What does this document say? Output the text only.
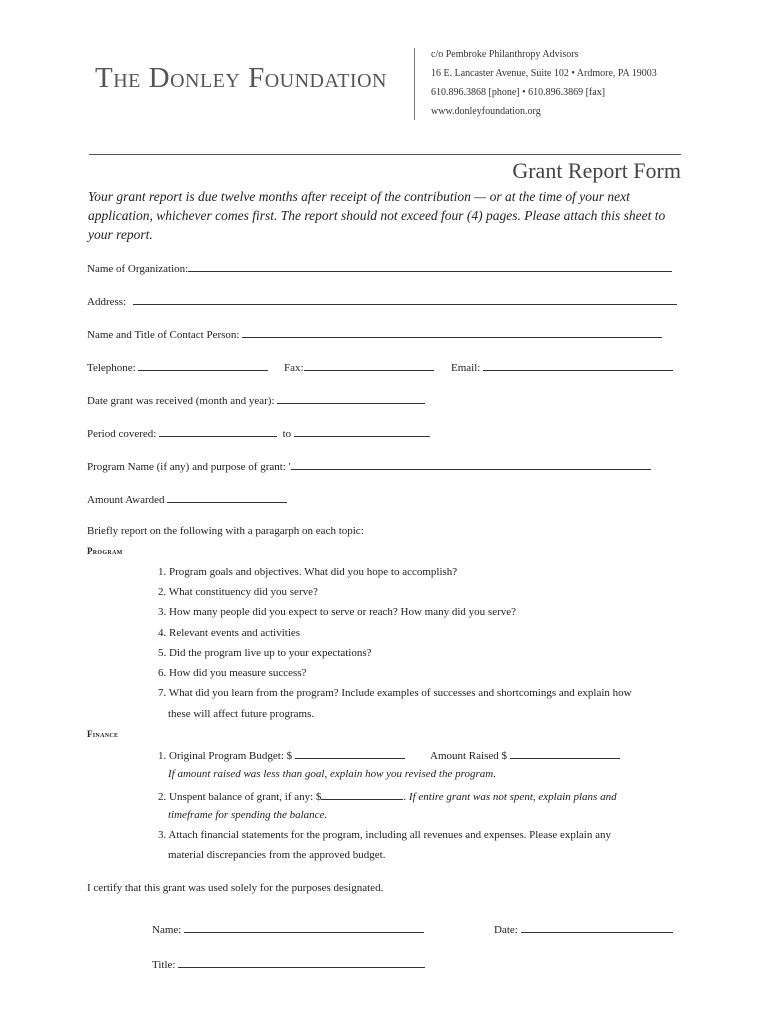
The Donley Foundation
c/o Pembroke Philanthropy Advisors
16 E. Lancaster Avenue, Suite 102 • Ardmore, PA 19003
610.896.3868 [phone] • 610.896.3869 [fax]
www.donleyfoundation.org
Grant Report Form
Your grant report is due twelve months after receipt of the contribution — or at the time of your next application, whichever comes first. The report should not exceed four (4) pages. Please attach this sheet to your report.
Name of Organization:
Address:
Name and Title of Contact Person:
Telephone:	Fax:	Email:
Date grant was received (month and year):
Period covered:	to
Program Name (if any) and purpose of grant: '
Amount Awarded
Briefly report on the following with a paragarph on each topic:
Program
1. Program goals and objectives. What did you hope to accomplish?
2. What constituency did you serve?
3. How many people did you expect to serve or reach? How many did you serve?
4. Relevant events and activities
5. Did the program live up to your expectations?
6. How did you measure success?
7. What did you learn from the program? Include examples of successes and shortcomings and explain how
these will affect future programs.
Finance
1. Original Program Budget: $	Amount Raised $
If amount raised was less than goal, explain how you revised the program.
2. Unspent balance of grant, if any: $	. If entire grant was not spent, explain plans and
timeframe for spending the balance.
3. Attach financial statements for the program, including all revenues and expenses. Please explain any
material discrepancies from the approved budget.
I certify that this grant was used solely for the purposes designated.
Name:	Date:
Title:
